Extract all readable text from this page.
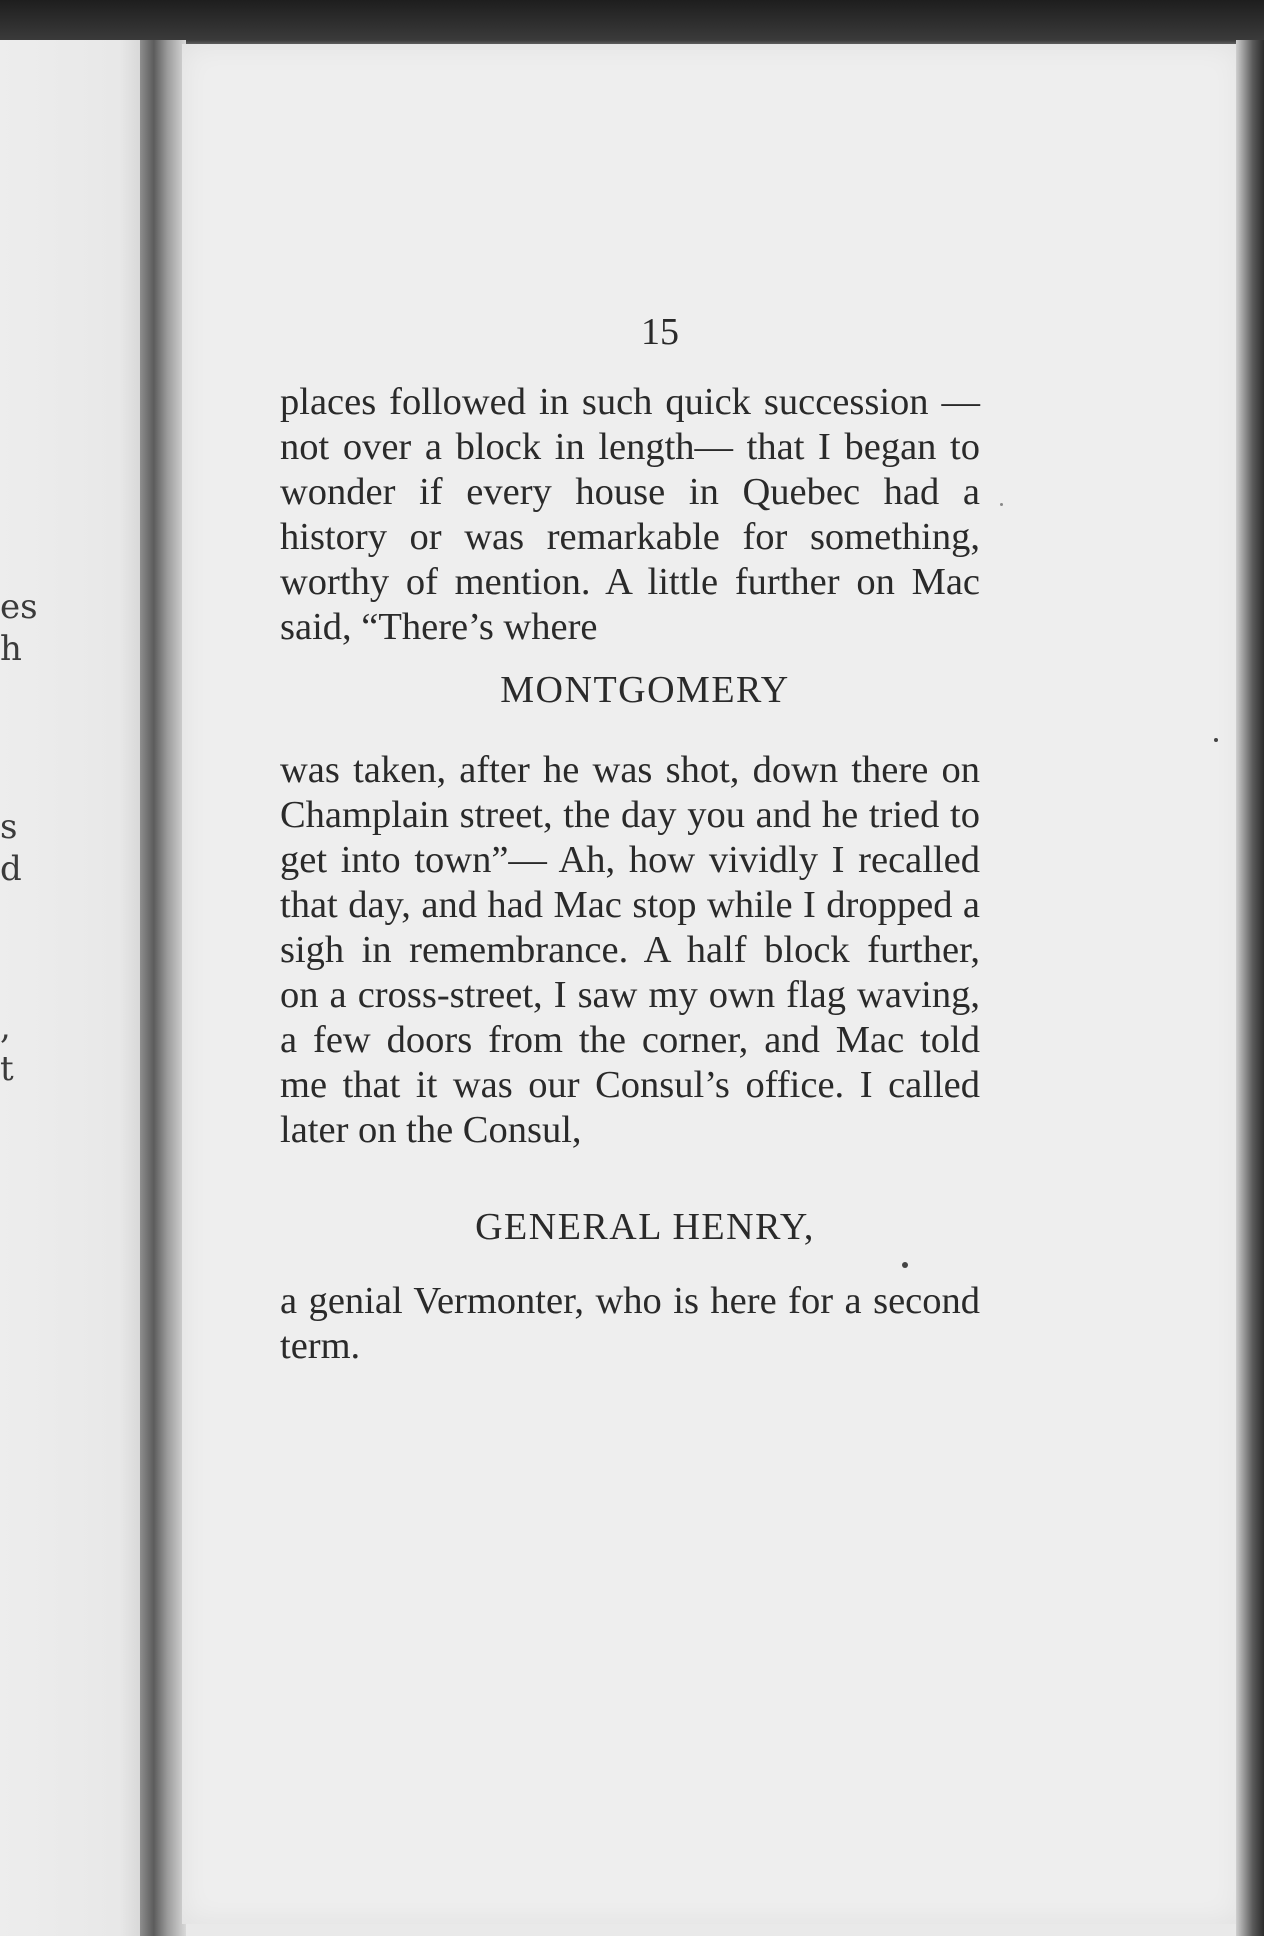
es
h
s
d
,
t
15

places followed in such quick succession — not over a block in length— that I began to wonder if every house in Quebec had a history or was remarkable for something, worthy of mention. A little further on Mac said, “There’s where

MONTGOMERY

was taken, after he was shot, down there on Champlain street, the day you and he tried to get into town”— Ah, how vividly I recalled that day, and had Mac stop while I dropped a sigh in remembrance. A half block further, on a cross-street, I saw my own flag waving, a few doors from the corner, and Mac told me that it was our Consul’s office. I called later on the Consul,

GENERAL HENRY,

a genial Vermonter, who is here for a second term.
